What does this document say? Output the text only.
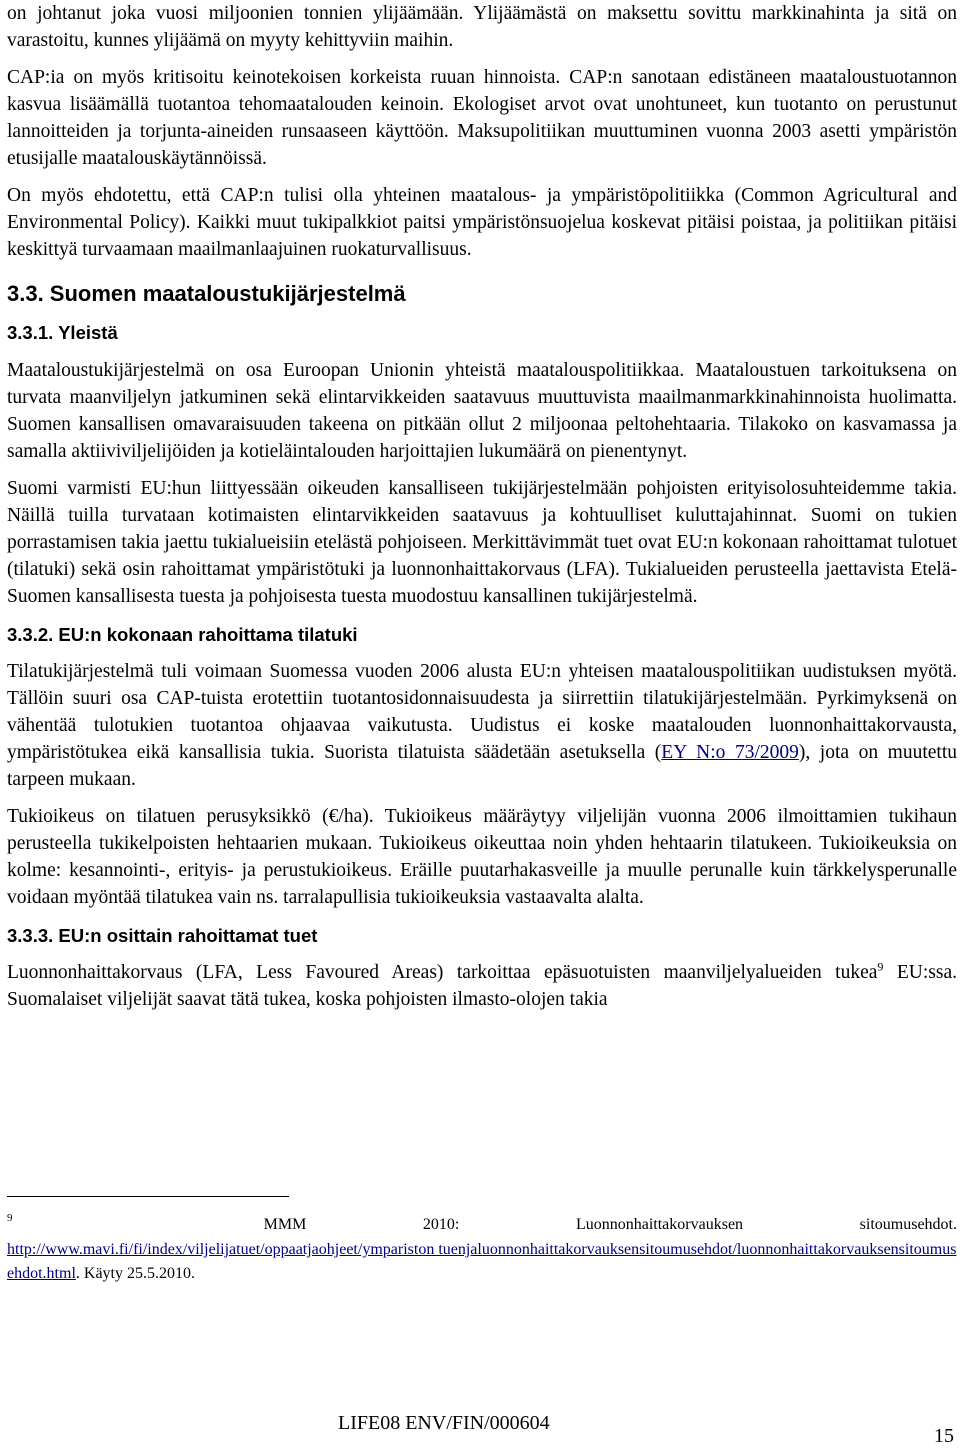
on johtanut joka vuosi miljoonien tonnien ylijäämään. Ylijäämästä on maksettu sovittu markkinahinta ja sitä on varastoitu, kunnes ylijäämä on myyty kehittyviin maihin.

CAP:ia on myös kritisoitu keinotekoisen korkeista ruuan hinnoista. CAP:n sanotaan edistäneen maataloustuotannon kasvua lisäämällä tuotantoa tehomaatalouden keinoin. Ekologiset arvot ovat unohtuneet, kun tuotanto on perustunut lannoitteiden ja torjunta-aineiden runsaaseen käyttöön. Maksupolitiikan muuttuminen vuonna 2003 asetti ympäristön etusijalle maatalouskäytännöissä.

On myös ehdotettu, että CAP:n tulisi olla yhteinen maatalous- ja ympäristöpolitiikka (Common Agricultural and Environmental Policy). Kaikki muut tukipalkkiot paitsi ympäristönsuojelua koskevat pitäisi poistaa, ja politiikan pitäisi keskittyä turvaamaan maailmanlaajuinen ruokaturvallisuus.

3.3. Suomen maataloustukijärjestelmä
3.3.1. Yleistä

Maataloustukijärjestelmä on osa Euroopan Unionin yhteistä maatalouspolitiikkaa. Maataloustuen tarkoituksena on turvata maanviljelyn jatkuminen sekä elintarvikkeiden saatavuus muuttuvista maailmanmarkkinahinnoista huolimatta. Suomen kansallisen omavaraisuuden takeena on pitkään ollut 2 miljoonaa peltohehtaaria. Tilakoko on kasvamassa ja samalla aktiiviviljelijöiden ja kotieläintalouden harjoittajien lukumäärä on pienentynyt.

Suomi varmisti EU:hun liittyessään oikeuden kansalliseen tukijärjestelmään pohjoisten erityisolosuhteidemme takia. Näillä tuilla turvataan kotimaisten elintarvikkeiden saatavuus ja kohtuulliset kuluttajahinnat. Suomi on tukien porrastamisen takia jaettu tukialueisiin etelästä pohjoiseen. Merkittävimmät tuet ovat EU:n kokonaan rahoittamat tulotuet (tilatuki) sekä osin rahoittamat ympäristötuki ja luonnonhaittakorvaus (LFA). Tukialueiden perusteella jaettavista Etelä-Suomen kansallisesta tuesta ja pohjoisesta tuesta muodostuu kansallinen tukijärjestelmä.

3.3.2. EU:n kokonaan rahoittama tilatuki

Tilatukijärjestelmä tuli voimaan Suomessa vuoden 2006 alusta EU:n yhteisen maatalouspolitiikan uudistuksen myötä. Tällöin suuri osa CAP-tuista erotettiin tuotantosidonnaisuudesta ja siirrettiin tilatukijärjestelmään. Pyrkimyksenä on vähentää tulotukien tuotantoa ohjaavaa vaikutusta. Uudistus ei koske maatalouden luonnonhaittakorvausta, ympäristötukea eikä kansallisia tukia. Suorista tilatuista säädetään asetuksella (EY N:o 73/2009), jota on muutettu tarpeen mukaan.

Tukioikeus on tilatuen perusyksikkö (€/ha). Tukioikeus määräytyy viljelijän vuonna 2006 ilmoittamien tukihaun perusteella tukikelpoisten hehtaarien mukaan. Tukioikeus oikeuttaa noin yhden hehtaarin tilatukeen. Tukioikeuksia on kolme: kesannointi-, erityis- ja perustukioikeus. Eräille puutarhakasveille ja muulle perunalle kuin tärkkelysperunalle voidaan myöntää tilatukea vain ns. tarralapullisia tukioikeuksia vastaavalta alalta.

3.3.3. EU:n osittain rahoittamat tuet

Luonnonhaittakorvaus (LFA, Less Favoured Areas) tarkoittaa epäsuotuisten maanviljelyalueiden tukea$^9$ EU:ssa. Suomalaiset viljelijät saavat tätä tukea, koska pohjoisten ilmasto-olojen takia

9	MMM	2010:	Luonnonhaittakorvauksen	sitoumusehdot.
http://www.mavi.fi/fi/index/viljelijatuet/oppaatjaohjeet/ympariston tuenjaluonnonhaittakorvauksensitoumusehdot/luonnonhaittakorvauksensitoumusehdot.html. Käyty 25.5.2010.
LIFE08 ENV/FIN/000604
15
